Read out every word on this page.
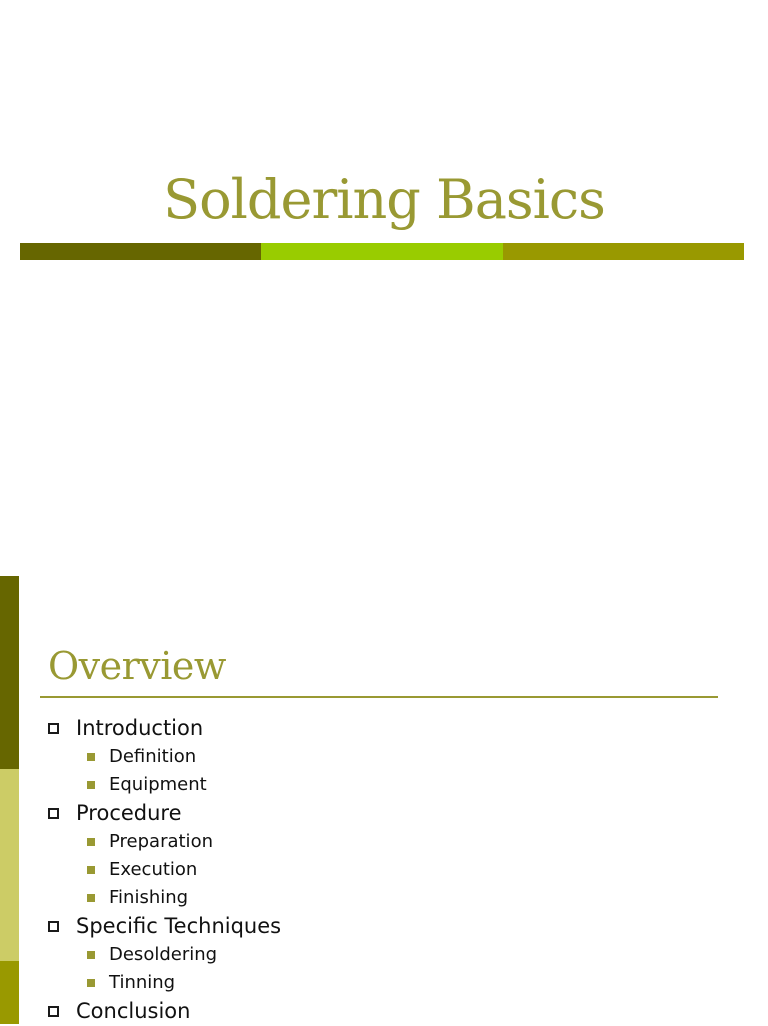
Soldering Basics
Overview
Introduction
Definition
Equipment
Procedure
Preparation
Execution
Finishing
Specific Techniques
Desoldering
Tinning
Conclusion
